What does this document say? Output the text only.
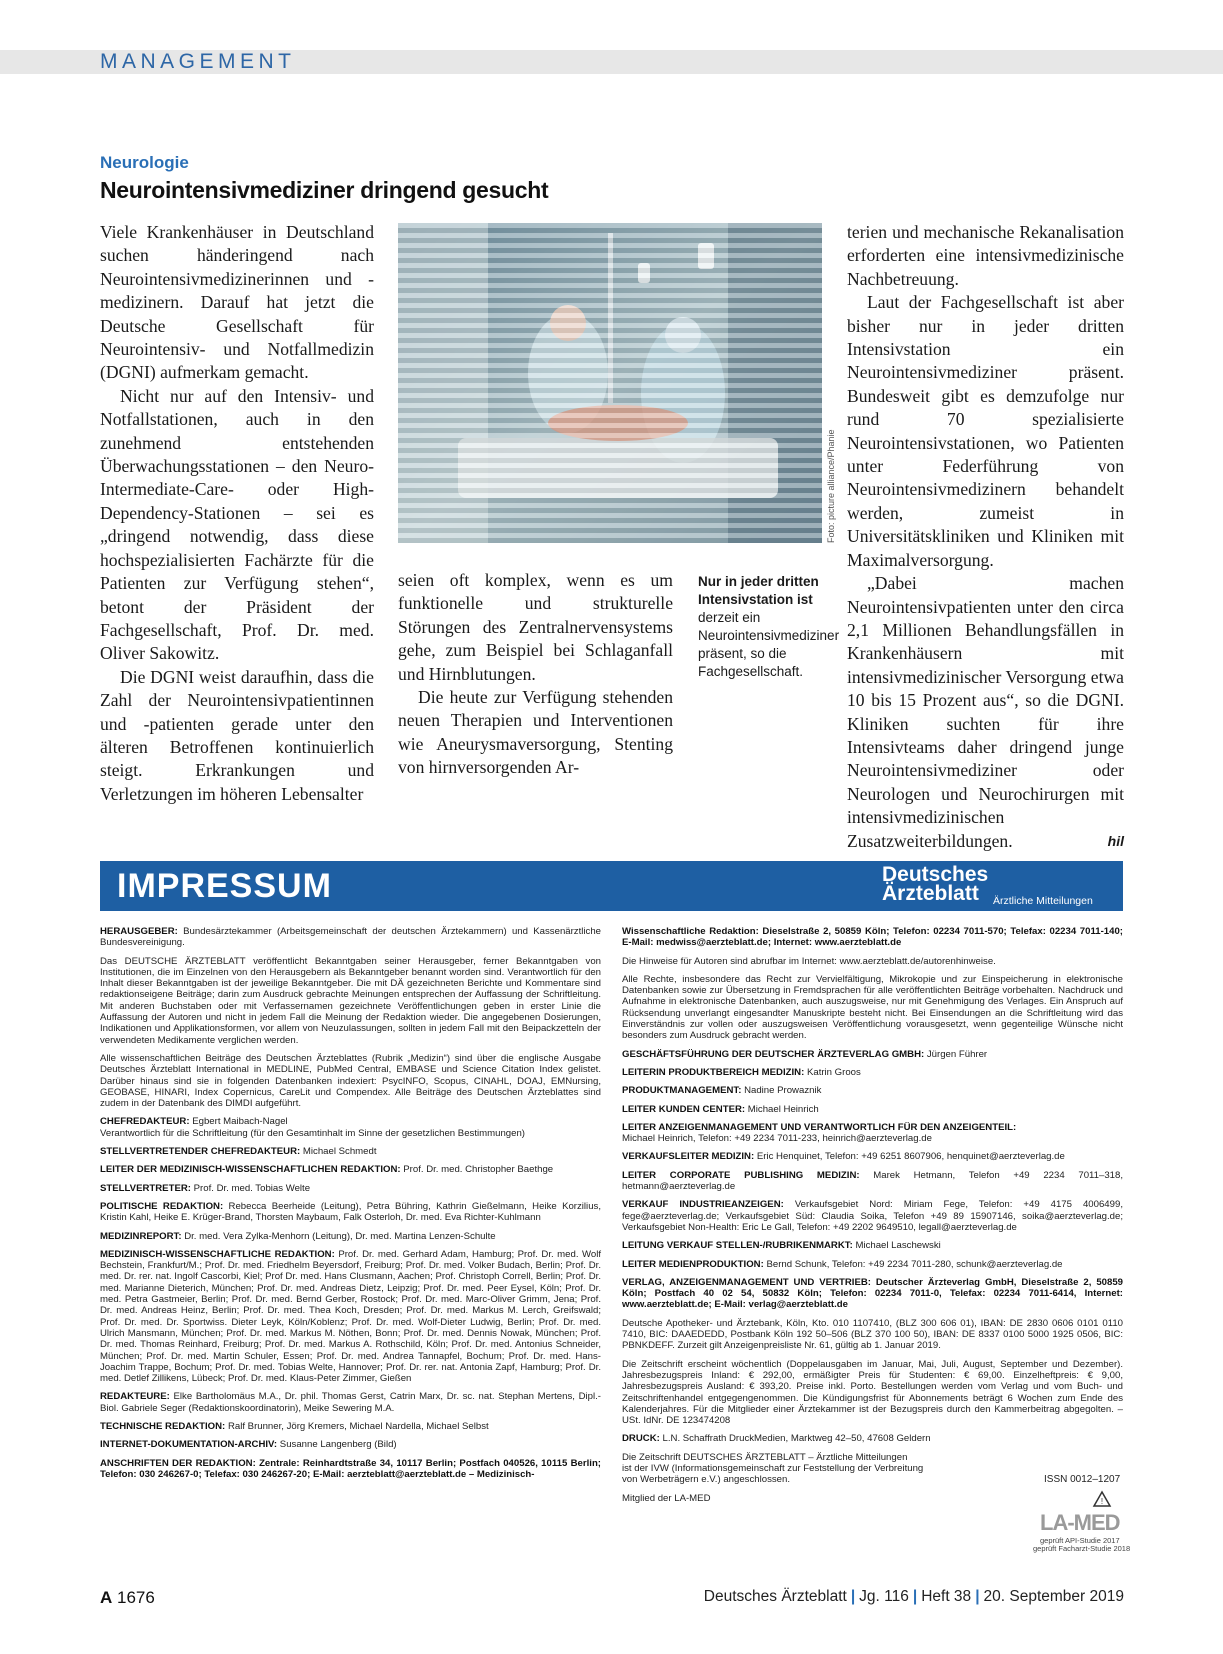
MANAGEMENT
Neurologie
Neurointensivmediziner dringend gesucht

Viele Krankenhäuser in Deutschland suchen händeringend nach Neurointensivmedizinerinnen und -medizinern. Darauf hat jetzt die Deutsche Gesellschaft für Neurointensiv- und Notfallmedizin (DGNI) aufmerkam gemacht.

Nicht nur auf den Intensiv- und Notfallstationen, auch in den zunehmend entstehenden Überwachungsstationen – den Neuro-Intermediate-Care- oder High-Dependency-Stationen – sei es „dringend notwendig, dass diese hochspezialisierten Fachärzte für die Patienten zur Verfügung stehen“, betont der Präsident der Fachgesellschaft, Prof. Dr. med. Oliver Sakowitz.

Die DGNI weist daraufhin, dass die Zahl der Neurointensivpatientinnen und -patienten gerade unter den älteren Betroffenen kontinuierlich steigt. Erkrankungen und Verletzungen im höheren Lebensalter

Foto: picture alliance/Phanie

seien oft komplex, wenn es um funktionelle und strukturelle Störungen des Zentralnervensystems gehe, zum Beispiel bei Schlaganfall und Hirnblutungen.

Die heute zur Verfügung stehenden neuen Therapien und Interventionen wie Aneurysmaversorgung, Stenting von hirnversorgenden Ar-

Nur in jeder dritten Intensivstation ist
derzeit ein Neurointensivmediziner präsent, so die Fachgesellschaft.

terien und mechanische Rekanalisation erforderten eine intensivmedizinische Nachbetreuung.

Laut der Fachgesellschaft ist aber bisher nur in jeder dritten Intensivstation ein Neurointensivmediziner präsent. Bundesweit gibt es demzufolge nur rund 70 spezialisierte Neurointensivstationen, wo Patienten unter Federführung von Neurointensivmedizinern behandelt werden, zumeist in Universitätskliniken und Kliniken mit Maximalversorgung.

„Dabei machen Neurointensivpatienten unter den circa 2,1 Millionen Behandlungsfällen in Krankenhäusern mit intensivmedizinischer Versorgung etwa 10 bis 15 Prozent aus“, so die DGNI. Kliniken suchten für ihre Intensivteams daher dringend junge Neurointensivmediziner oder Neurologen und Neurochirurgen mit intensivmedizinischen Zusatzweiterbildungen.	hil

IMPRESSUM	Deutsches
Ärzteblatt Ärztliche Mitteilungen

HERAUSGEBER: Bundesärztekammer (Arbeitsgemeinschaft der deutschen Ärztekammern) und Kassenärztliche Bundesvereinigung.

Das DEUTSCHE ÄRZTEBLATT veröffentlicht Bekanntgaben seiner Herausgeber, ferner Bekanntgaben von Institutionen, die im Einzelnen von den Herausgebern als Bekanntgeber benannt worden sind. Verantwortlich für den Inhalt dieser Bekanntgaben ist der jeweilige Bekanntgeber. Die mit DÄ gezeichneten Berichte und Kommentare sind redaktionseigene Beiträge; darin zum Ausdruck gebrachte Meinungen entsprechen der Auffassung der Schriftleitung. Mit anderen Buchstaben oder mit Verfassernamen gezeichnete Veröffentlichungen geben in erster Linie die Auffassung der Autoren und nicht in jedem Fall die Meinung der Redaktion wieder. Die angegebenen Dosierungen, Indikationen und Applikationsformen, vor allem von Neuzulassungen, sollten in jedem Fall mit den Beipackzetteln der verwendeten Medikamente verglichen werden.

Alle wissenschaftlichen Beiträge des Deutschen Ärzteblattes (Rubrik „Medizin“) sind über die englische Ausgabe Deutsches Ärzteblatt International in MEDLINE, PubMed Central, EMBASE und Science Citation Index gelistet. Darüber hinaus sind sie in folgenden Datenbanken indexiert: PsycINFO, Scopus, CINAHL, DOAJ, EMNursing, GEOBASE, HINARI, Index Copernicus, CareLit und Compendex. Alle Beiträge des Deutschen Ärzteblattes sind zudem in der Datenbank des DIMDI aufgeführt.

CHEFREDAKTEUR: Egbert Maibach-Nagel
Verantwortlich für die Schriftleitung (für den Gesamtinhalt im Sinne der gesetzlichen Bestimmungen)

STELLVERTRETENDER CHEFREDAKTEUR: Michael Schmedt

LEITER DER MEDIZINISCH-WISSENSCHAFTLICHEN REDAKTION: Prof. Dr. med. Christopher Baethge

STELLVERTRETER: Prof. Dr. med. Tobias Welte

POLITISCHE REDAKTION: Rebecca Beerheide (Leitung), Petra Bühring, Kathrin Gießelmann, Heike Korzilius, Kristin Kahl, Heike E. Krüger-Brand, Thorsten Maybaum, Falk Osterloh, Dr. med. Eva Richter-Kuhlmann

MEDIZINREPORT: Dr. med. Vera Zylka-Menhorn (Leitung), Dr. med. Martina Lenzen-Schulte

MEDIZINISCH-WISSENSCHAFTLICHE REDAKTION: Prof. Dr. med. Gerhard Adam, Hamburg; Prof. Dr. med. Wolf Bechstein, Frankfurt/M.; Prof. Dr. med. Friedhelm Beyersdorf, Freiburg; Prof. Dr. med. Volker Budach, Berlin; Prof. Dr. med. Dr. rer. nat. Ingolf Cascorbi, Kiel; Prof Dr. med. Hans Clusmann, Aachen; Prof. Christoph Correll, Berlin; Prof. Dr. med. Marianne Dieterich, München; Prof. Dr. med. Andreas Dietz, Leipzig; Prof. Dr. med. Peer Eysel, Köln; Prof. Dr. med. Petra Gastmeier, Berlin; Prof. Dr. med. Bernd Gerber, Rostock; Prof. Dr. med. Marc-Oliver Grimm, Jena; Prof. Dr. med. Andreas Heinz, Berlin; Prof. Dr. med. Thea Koch, Dresden; Prof. Dr. med. Markus M. Lerch, Greifswald; Prof. Dr. med. Dr. Sportwiss. Dieter Leyk, Köln/Koblenz; Prof. Dr. med. Wolf-Dieter Ludwig, Berlin; Prof. Dr. med. Ulrich Mansmann, München; Prof. Dr. med. Markus M. Nöthen, Bonn; Prof. Dr. med. Dennis Nowak, München; Prof. Dr. med. Thomas Reinhard, Freiburg; Prof. Dr. med. Markus A. Rothschild, Köln; Prof. Dr. med. Antonius Schneider, München; Prof. Dr. med. Martin Schuler, Essen; Prof. Dr. med. Andrea Tannapfel, Bochum; Prof. Dr. med. Hans-Joachim Trappe, Bochum; Prof. Dr. med. Tobias Welte, Hannover; Prof. Dr. rer. nat. Antonia Zapf, Hamburg; Prof. Dr. med. Detlef Zillikens, Lübeck; Prof. Dr. med. Klaus-Peter Zimmer, Gießen

REDAKTEURE: Elke Bartholomäus M.A., Dr. phil. Thomas Gerst, Catrin Marx, Dr. sc. nat. Stephan Mertens, Dipl.-Biol. Gabriele Seger (Redaktionskoordinatorin), Meike Sewering M.A.

TECHNISCHE REDAKTION: Ralf Brunner, Jörg Kremers, Michael Nardella, Michael Selbst

INTERNET-DOKUMENTATION-ARCHIV: Susanne Langenberg (Bild)

ANSCHRIFTEN DER REDAKTION: Zentrale: Reinhardtstraße 34, 10117 Berlin; Postfach 040526, 10115 Berlin; Telefon: 030 246267-0; Telefax: 030 246267-20; E-Mail: aerzteblatt@aerzteblatt.de – Medizinisch-

Wissenschaftliche Redaktion: Dieselstraße 2, 50859 Köln; Telefon: 02234 7011-570; Telefax: 02234 7011-140; E-Mail: medwiss@aerzteblatt.de; Internet: www.aerzteblatt.de

Die Hinweise für Autoren sind abrufbar im Internet: www.aerzteblatt.de/autorenhinweise.

Alle Rechte, insbesondere das Recht zur Vervielfältigung, Mikrokopie und zur Einspeicherung in elektronische Datenbanken sowie zur Übersetzung in Fremdsprachen für alle veröffentlichten Beiträge vorbehalten. Nachdruck und Aufnahme in elektronische Datenbanken, auch auszugsweise, nur mit Genehmigung des Verlages. Ein Anspruch auf Rücksendung unverlangt eingesandter Manuskripte besteht nicht. Bei Einsendungen an die Schriftleitung wird das Einverständnis zur vollen oder auszugsweisen Veröffentlichung vorausgesetzt, wenn gegenteilige Wünsche nicht besonders zum Ausdruck gebracht werden.

GESCHÄFTSFÜHRUNG DER DEUTSCHER ÄRZTEVERLAG GMBH: Jürgen Führer

LEITERIN PRODUKTBEREICH MEDIZIN: Katrin Groos

PRODUKTMANAGEMENT: Nadine Prowaznik

LEITER KUNDEN CENTER: Michael Heinrich

LEITER ANZEIGENMANAGEMENT UND VERANTWORTLICH FÜR DEN ANZEIGENTEIL:
Michael Heinrich, Telefon: +49 2234 7011-233, heinrich@aerzteverlag.de

VERKAUFSLEITER MEDIZIN: Eric Henquinet, Telefon: +49 6251 8607906, henquinet@aerzteverlag.de

LEITER CORPORATE PUBLISHING MEDIZIN: Marek Hetmann, Telefon +49 2234 7011–318, hetmann@aerzteverlag.de

VERKAUF INDUSTRIEANZEIGEN: Verkaufsgebiet Nord: Miriam Fege, Telefon: +49 4175 4006499, fege@aerzteverlag.de; Verkaufsgebiet Süd: Claudia Soika, Telefon +49 89 15907146, soika@aerzteverlag.de; Verkaufsgebiet Non-Health: Eric Le Gall, Telefon: +49 2202 9649510, legall@aerzteverlag.de

LEITUNG VERKAUF STELLEN-/RUBRIKENMARKT: Michael Laschewski

LEITER MEDIENPRODUKTION: Bernd Schunk, Telefon: +49 2234 7011-280, schunk@aerzteverlag.de

VERLAG, ANZEIGENMANAGEMENT UND VERTRIEB: Deutscher Ärzteverlag GmbH, Dieselstraße 2, 50859 Köln; Postfach 40 02 54, 50832 Köln; Telefon: 02234 7011-0, Telefax: 02234 7011-6414, Internet: www.aerzteblatt.de; E-Mail: verlag@aerzteblatt.de

Deutsche Apotheker- und Ärztebank, Köln, Kto. 010 1107410, (BLZ 300 606 01), IBAN: DE 2830 0606 0101 0110 7410, BIC: DAAEDEDD, Postbank Köln 192 50–506 (BLZ 370 100 50), IBAN: DE 8337 0100 5000 1925 0506, BIC: PBNKDEFF. Zurzeit gilt Anzeigenpreisliste Nr. 61, gültig ab 1. Januar 2019.

Die Zeitschrift erscheint wöchentlich (Doppelausgaben im Januar, Mai, Juli, August, September und Dezember). Jahresbezugspreis Inland: € 292,00, ermäßigter Preis für Studenten: € 69,00. Einzelheftpreis: € 9,00, Jahresbezugspreis Ausland: € 393,20. Preise inkl. Porto. Bestellungen werden vom Verlag und vom Buch- und Zeitschriftenhandel entgegengenommen. Die Kündigungsfrist für Abonnements beträgt 6 Wochen zum Ende des Kalenderjahres. Für die Mitglieder einer Ärztekammer ist der Bezugspreis durch den Kammerbeitrag abgegolten. – USt. IdNr. DE 123474208

DRUCK: L.N. Schaffrath DruckMedien, Marktweg 42–50, 47608 Geldern

Die Zeitschrift DEUTSCHES ÄRZTEBLATT – Ärztliche Mitteilungen
ist der IVW (Informationsgemeinschaft zur Feststellung der Verbreitung
von Werbeträgern e.V.) angeschlossen.

Mitglied der LA-MED

ISSN 0012–1207
!
LA-MED
geprüft API-Studie 2017
geprüft Facharzt-Studie 2018
A 1676	Deutsches Ärzteblatt | Jg. 116 | Heft 38 | 20. September 2019
